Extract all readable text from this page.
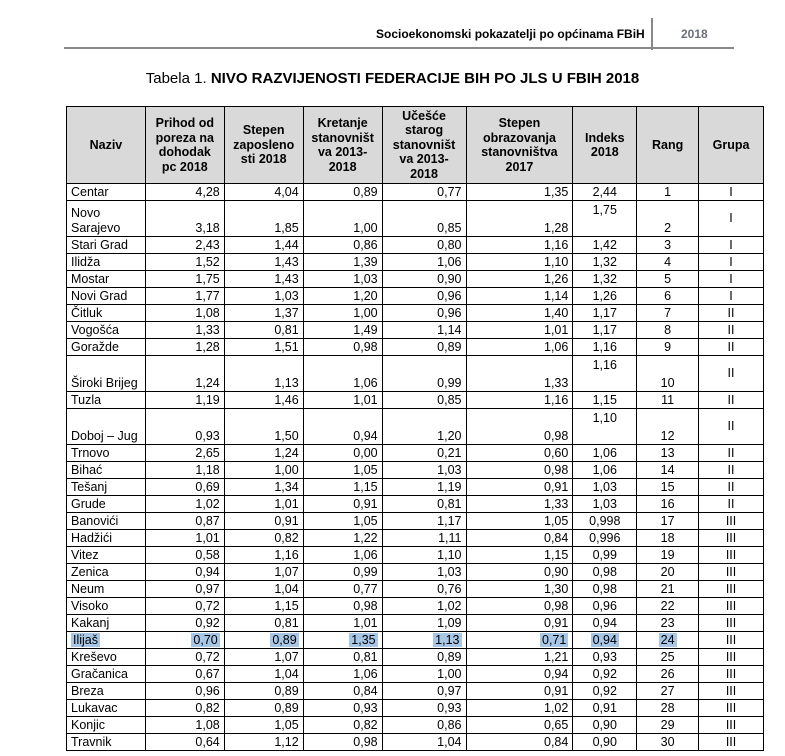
Socioekonomski pokazatelji po općinama FBiH	2018
Tabela 1. NIVO RAZVIJENOSTI FEDERACIJE BIH PO JLS U FBIH 2018
Naziv	Prihod od poreza na dohodak pc 2018	Stepen zaposleno sti 2018	Kretanje stanovništ va 2013-2018	Učešće starog stanovništ va 2013-2018	Stepen obrazovanja stanovništva 2017	Indeks 2018	Rang	Grupa
Centar	4,28	4,04	0,89	0,77	1,35	2,44	1	I
Novo Sarajevo	3,18	1,85	1,00	0,85	1,28	1,75	2	I
Stari Grad	2,43	1,44	0,86	0,80	1,16	1,42	3	I
Ilidža	1,52	1,43	1,39	1,06	1,10	1,32	4	I
Mostar	1,75	1,43	1,03	0,90	1,26	1,32	5	I
Novi Grad	1,77	1,03	1,20	0,96	1,14	1,26	6	I
Čitluk	1,08	1,37	1,00	0,96	1,40	1,17	7	II
Vogošća	1,33	0,81	1,49	1,14	1,01	1,17	8	II
Goražde	1,28	1,51	0,98	0,89	1,06	1,16	9	II
Široki Brijeg	1,24	1,13	1,06	0,99	1,33	1,16	10	II
Tuzla	1,19	1,46	1,01	0,85	1,16	1,15	11	II
Doboj – Jug	0,93	1,50	0,94	1,20	0,98	1,10	12	II
Trnovo	2,65	1,24	0,00	0,21	0,60	1,06	13	II
Bihać	1,18	1,00	1,05	1,03	0,98	1,06	14	II
Tešanj	0,69	1,34	1,15	1,19	0,91	1,03	15	II
Grude	1,02	1,01	0,91	0,81	1,33	1,03	16	II
Banovići	0,87	0,91	1,05	1,17	1,05	0,998	17	III
Hadžići	1,01	0,82	1,22	1,11	0,84	0,996	18	III
Vitez	0,58	1,16	1,06	1,10	1,15	0,99	19	III
Zenica	0,94	1,07	0,99	1,03	0,90	0,98	20	III
Neum	0,97	1,04	0,77	0,76	1,30	0,98	21	III
Visoko	0,72	1,15	0,98	1,02	0,98	0,96	22	III
Kakanj	0,92	0,81	1,01	1,09	0,91	0,94	23	III
Ilijaš	0,70	0,89	1,35	1,13	0,71	0,94	24	III
Kreševo	0,72	1,07	0,81	0,89	1,21	0,93	25	III
Gračanica	0,67	1,04	1,06	1,00	0,94	0,92	26	III
Breza	0,96	0,89	0,84	0,97	0,91	0,92	27	III
Lukavac	0,82	0,89	0,93	0,93	1,02	0,91	28	III
Konjic	1,08	1,05	0,82	0,86	0,65	0,90	29	III
Travnik	0,64	1,12	0,98	1,04	0,84	0,90	30	III
